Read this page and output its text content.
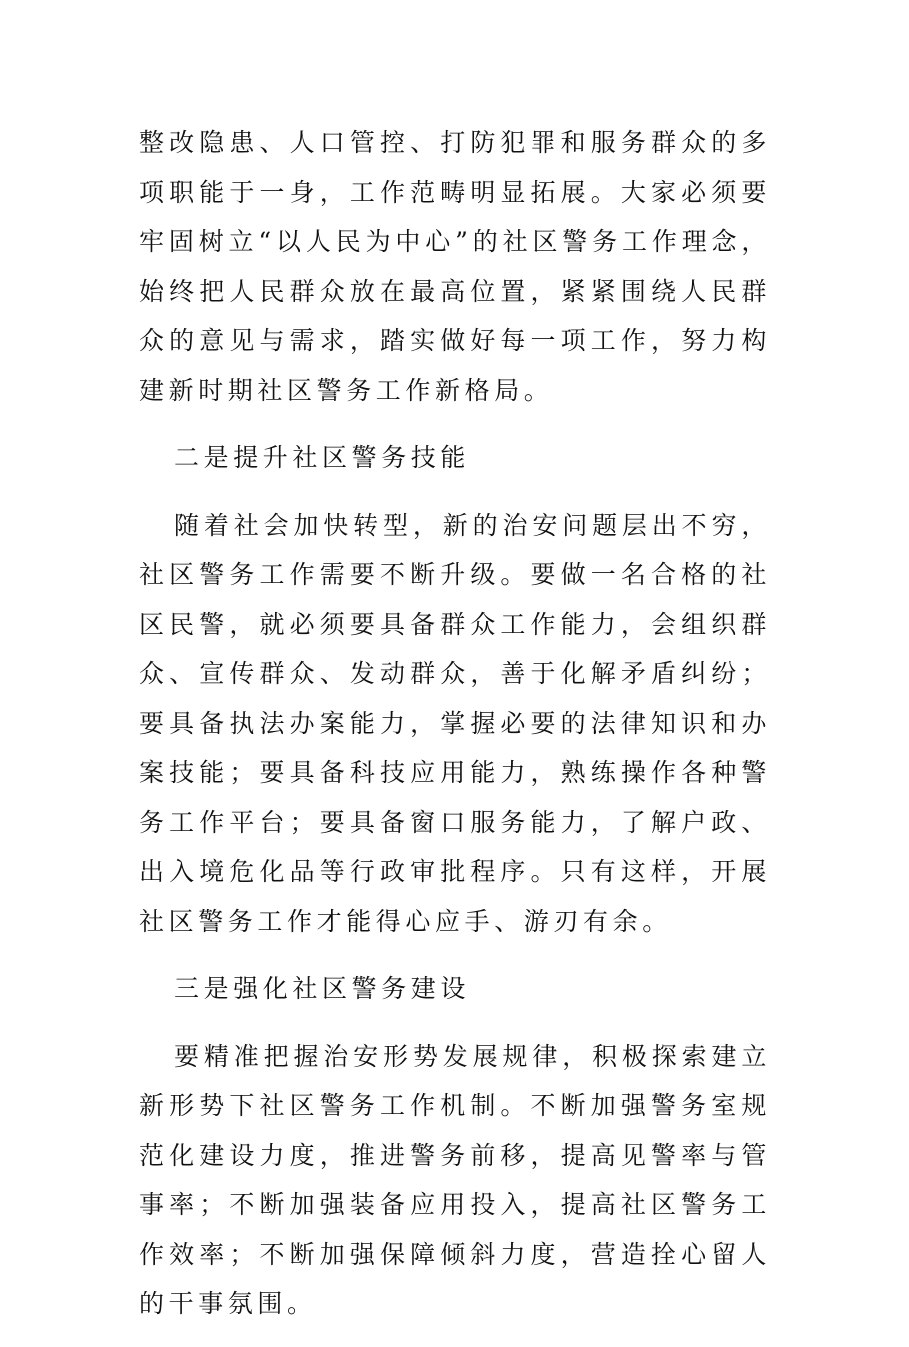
整改隐患、人口管控、打防犯罪和服务群众的多项职能于一身，工作范畴明显拓展。大家必须要牢固树立“以人民为中心”的社区警务工作理念，始终把人民群众放在最高位置，紧紧围绕人民群众的意见与需求，踏实做好每一项工作，努力构建新时期社区警务工作新格局。

二是提升社区警务技能

随着社会加快转型，新的治安问题层出不穷，社区警务工作需要不断升级。要做一名合格的社区民警，就必须要具备群众工作能力，会组织群众、宣传群众、发动群众，善于化解矛盾纠纷；要具备执法办案能力，掌握必要的法律知识和办案技能；要具备科技应用能力，熟练操作各种警务工作平台；要具备窗口服务能力，了解户政、出入境危化品等行政审批程序。只有这样，开展社区警务工作才能得心应手、游刃有余。

三是强化社区警务建设

要精准把握治安形势发展规律，积极探索建立新形势下社区警务工作机制。不断加强警务室规范化建设力度，推进警务前移，提高见警率与管事率；不断加强装备应用投入，提高社区警务工作效率；不断加强保障倾斜力度，营造拴心留人的干事氛围。
